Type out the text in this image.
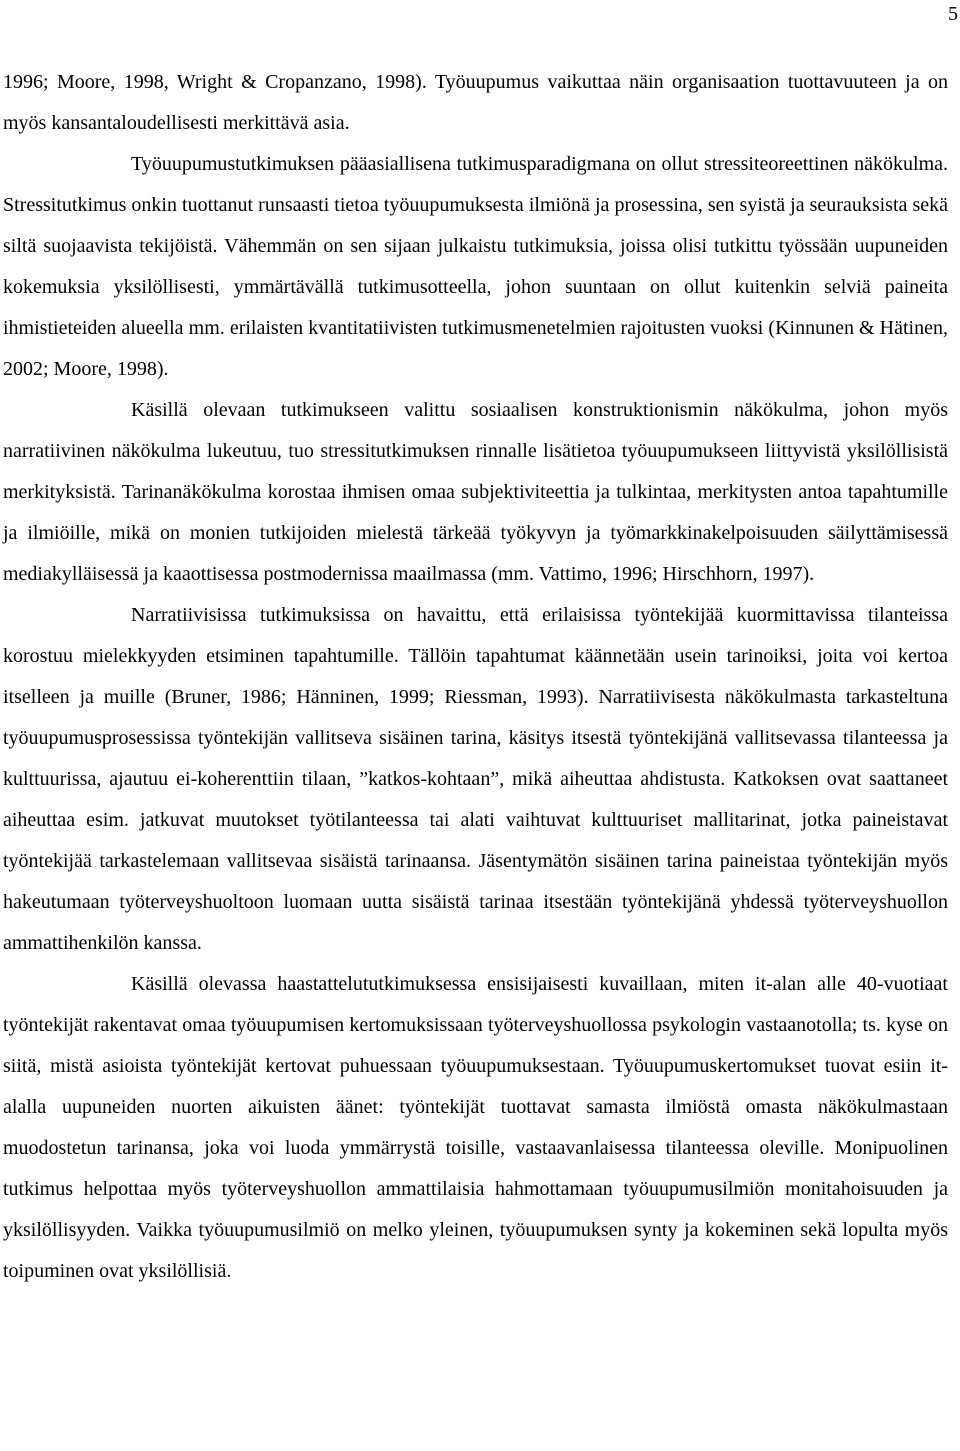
5

1996; Moore, 1998, Wright & Cropanzano, 1998). Työuupumus vaikuttaa näin organisaation tuottavuuteen ja on myös kansantaloudellisesti merkittävä asia.

Työuupumustutkimuksen pääasiallisena tutkimusparadigmana on ollut stressiteoreettinen näkökulma. Stressitutkimus onkin tuottanut runsaasti tietoa työuupumuksesta ilmiönä ja prosessina, sen syistä ja seurauksista sekä siltä suojaavista tekijöistä. Vähemmän on sen sijaan julkaistu tutkimuksia, joissa olisi tutkittu työssään uupuneiden kokemuksia yksilöllisesti, ymmärtävällä tutkimusotteella, johon suuntaan on ollut kuitenkin selviä paineita ihmistieteiden alueella mm. erilaisten kvantitatiivisten tutkimusmenetelmien rajoitusten vuoksi (Kinnunen & Hätinen, 2002; Moore, 1998).

Käsillä olevaan tutkimukseen valittu sosiaalisen konstruktionismin näkökulma, johon myös narratiivinen näkökulma lukeutuu, tuo stressitutkimuksen rinnalle lisätietoa työuupumukseen liittyvistä yksilöllisistä merkityksistä. Tarinanäkökulma korostaa ihmisen omaa subjektiviteettia ja tulkintaa, merkitysten antoa tapahtumille ja ilmiöille, mikä on monien tutkijoiden mielestä tärkeää työkyvyn ja työmarkkinakelpoisuuden säilyttämisessä mediakylläisessä ja kaaottisessa postmodernissa maailmassa (mm. Vattimo, 1996; Hirschhorn, 1997).

Narratiivisissa tutkimuksissa on havaittu, että erilaisissa työntekijää kuormittavissa tilanteissa korostuu mielekkyyden etsiminen tapahtumille. Tällöin tapahtumat käännetään usein tarinoiksi, joita voi kertoa itselleen ja muille (Bruner, 1986; Hänninen, 1999; Riessman, 1993). Narratiivisesta näkökulmasta tarkasteltuna työuupumusprosessissa työntekijän vallitseva sisäinen tarina, käsitys itsestä työntekijänä vallitsevassa tilanteessa ja kulttuurissa, ajautuu ei-koherenttiin tilaan, ”katkos-kohtaan”, mikä aiheuttaa ahdistusta. Katkoksen ovat saattaneet aiheuttaa esim. jatkuvat muutokset työtilanteessa tai alati vaihtuvat kulttuuriset mallitarinat, jotka paineistavat työntekijää tarkastelemaan vallitsevaa sisäistä tarinaansa. Jäsentymätön sisäinen tarina paineistaa työntekijän myös hakeutumaan työterveyshuoltoon luomaan uutta sisäistä tarinaa itsestään työntekijänä yhdessä työterveyshuollon ammattihenkilön kanssa.

Käsillä olevassa haastattelututkimuksessa ensisijaisesti kuvaillaan, miten it-alan alle 40-vuotiaat työntekijät rakentavat omaa työuupumisen kertomuksissaan työterveyshuollossa psykologin vastaanotolla; ts. kyse on siitä, mistä asioista työntekijät kertovat puhuessaan työuupumuksestaan. Työuupumuskertomukset tuovat esiin it-alalla uupuneiden nuorten aikuisten äänet: työntekijät tuottavat samasta ilmiöstä omasta näkökulmastaan muodostetun tarinansa, joka voi luoda ymmärrystä toisille, vastaavanlaisessa tilanteessa oleville. Monipuolinen tutkimus helpottaa myös työterveyshuollon ammattilaisia hahmottamaan työuupumusilmiön monitahoisuuden ja yksilöllisyyden. Vaikka työuupumusilmiö on melko yleinen, työuupumuksen synty ja kokeminen sekä lopulta myös toipuminen ovat yksilöllisiä.
